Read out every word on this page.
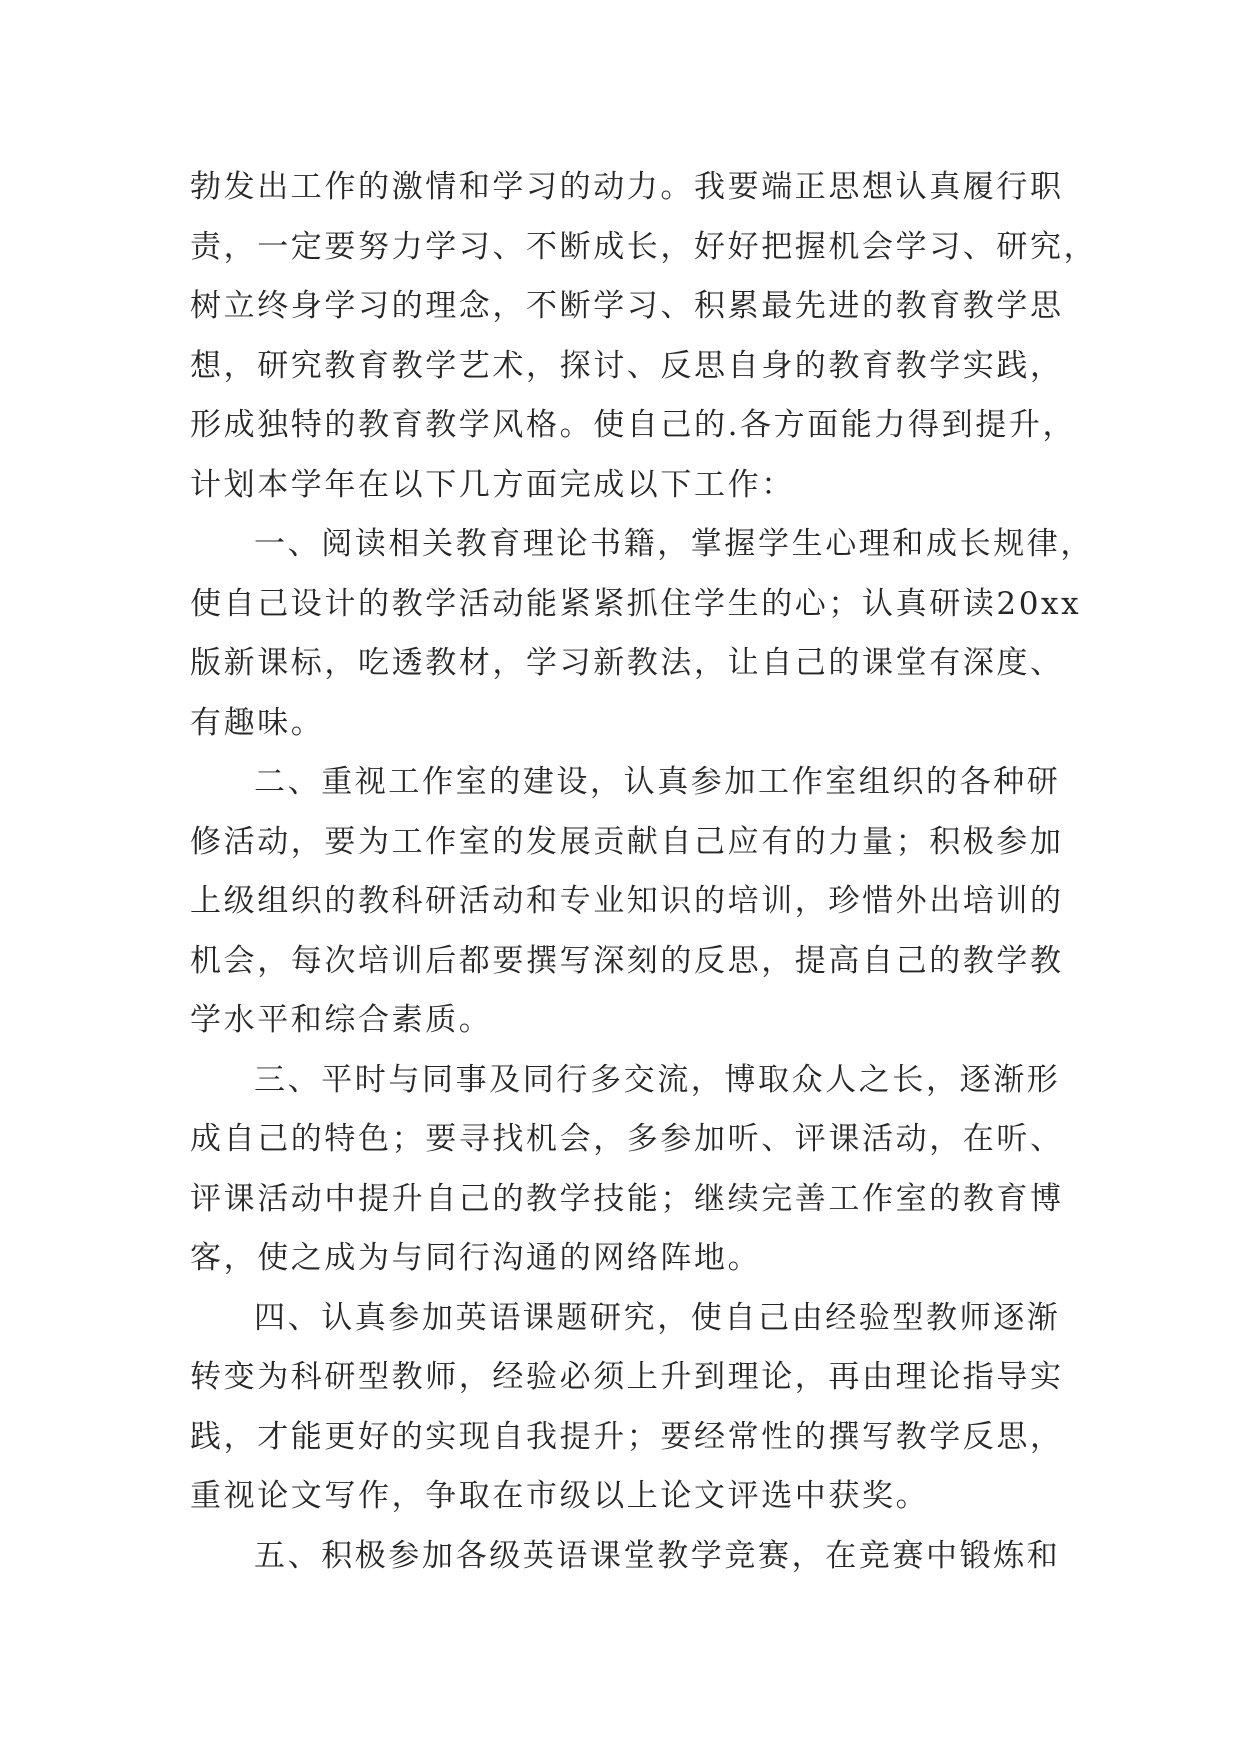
勃发出工作的激情和学习的动力。我要端正思想认真履行职
责，一定要努力学习、不断成长，好好把握机会学习、研究，
树立终身学习的理念，不断学习、积累最先进的教育教学思
想，研究教育教学艺术，探讨、反思自身的教育教学实践，
形成独特的教育教学风格。使自己的.各方面能力得到提升，
计划本学年在以下几方面完成以下工作：
一、阅读相关教育理论书籍，掌握学生心理和成长规律，
使自己设计的教学活动能紧紧抓住学生的心；认真研读20xx
版新课标，吃透教材，学习新教法，让自己的课堂有深度、
有趣味。
二、重视工作室的建设，认真参加工作室组织的各种研
修活动，要为工作室的发展贡献自己应有的力量；积极参加
上级组织的教科研活动和专业知识的培训，珍惜外出培训的
机会，每次培训后都要撰写深刻的反思，提高自己的教学教
学水平和综合素质。
三、平时与同事及同行多交流，博取众人之长，逐渐形
成自己的特色；要寻找机会，多参加听、评课活动，在听、
评课活动中提升自己的教学技能；继续完善工作室的教育博
客，使之成为与同行沟通的网络阵地。
四、认真参加英语课题研究，使自己由经验型教师逐渐
转变为科研型教师，经验必须上升到理论，再由理论指导实
践，才能更好的实现自我提升；要经常性的撰写教学反思，
重视论文写作，争取在市级以上论文评选中获奖。
五、积极参加各级英语课堂教学竞赛，在竞赛中锻炼和
